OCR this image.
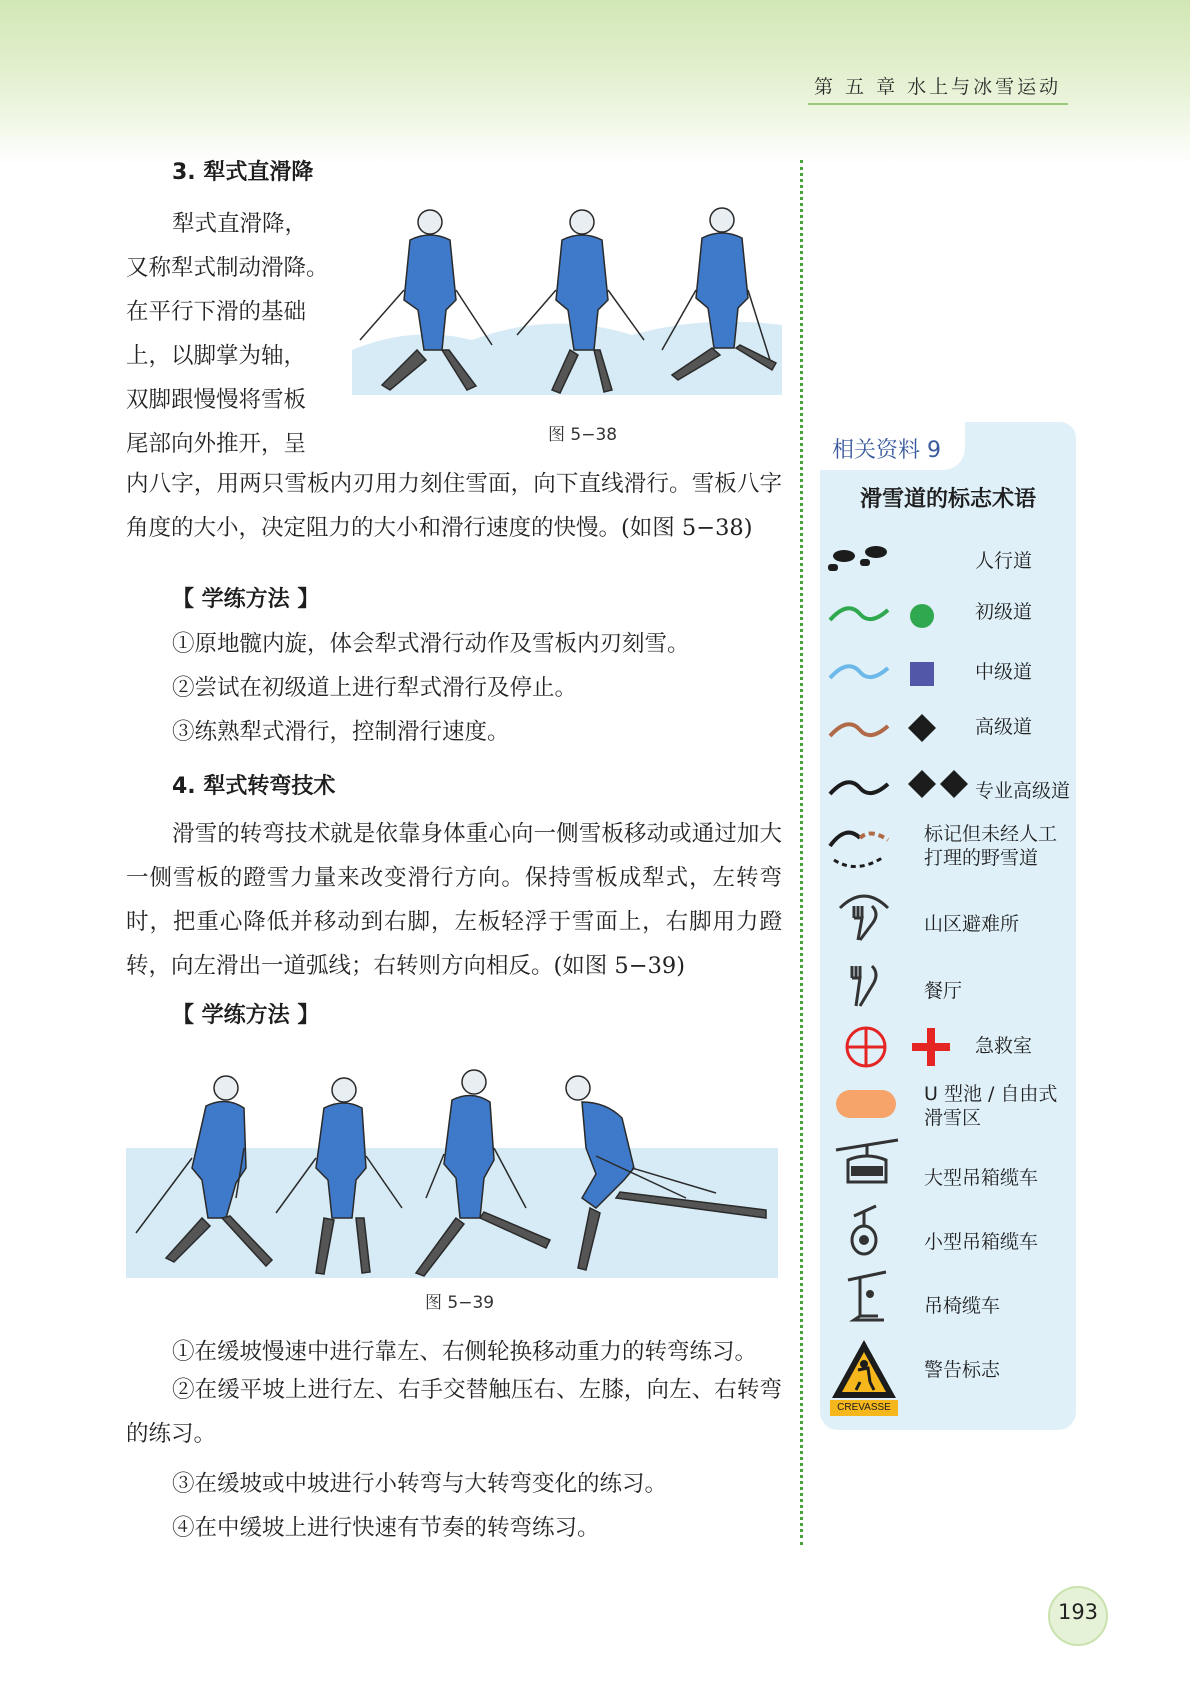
第 五 章 水上与冰雪运动
3. 犁式直滑降
犁式直滑降，
又称犁式制动滑降。
在平行下滑的基础
上，以脚掌为轴，
双脚跟慢慢将雪板
尾部向外推开，呈

内八字，用两只雪板内刃用力刻住雪面，向下直线滑行。雪板八字角度的大小，决定阻力的大小和滑行速度的快慢。(如图 5−38)

图 5−38
【 学练方法 】
①原地髋内旋，体会犁式滑行动作及雪板内刃刻雪。
②尝试在初级道上进行犁式滑行及停止。
③练熟犁式滑行，控制滑行速度。
4. 犁式转弯技术

滑雪的转弯技术就是依靠身体重心向一侧雪板移动或通过加大一侧雪板的蹬雪力量来改变滑行方向。保持雪板成犁式，左转弯时，把重心降低并移动到右脚，左板轻浮于雪面上，右脚用力蹬转，向左滑出一道弧线；右转则方向相反。(如图 5−39)

【 学练方法 】
图 5−39
①在缓坡慢速中进行靠左、右侧轮换移动重力的转弯练习。

②在缓平坡上进行左、右手交替触压右、左膝，向左、右转弯的练习。

③在缓坡或中坡进行小转弯与大转弯变化的练习。
④在中缓坡上进行快速有节奏的转弯练习。
相关资料 9
滑雪道的标志术语
人行道
初级道
中级道
高级道
专业高级道
标记但未经人工打理的野雪道
山区避难所
餐厅
急救室
U 型池 / 自由式滑雪区
大型吊箱缆车
小型吊箱缆车
吊椅缆车
CREVASSE
警告标志
193
